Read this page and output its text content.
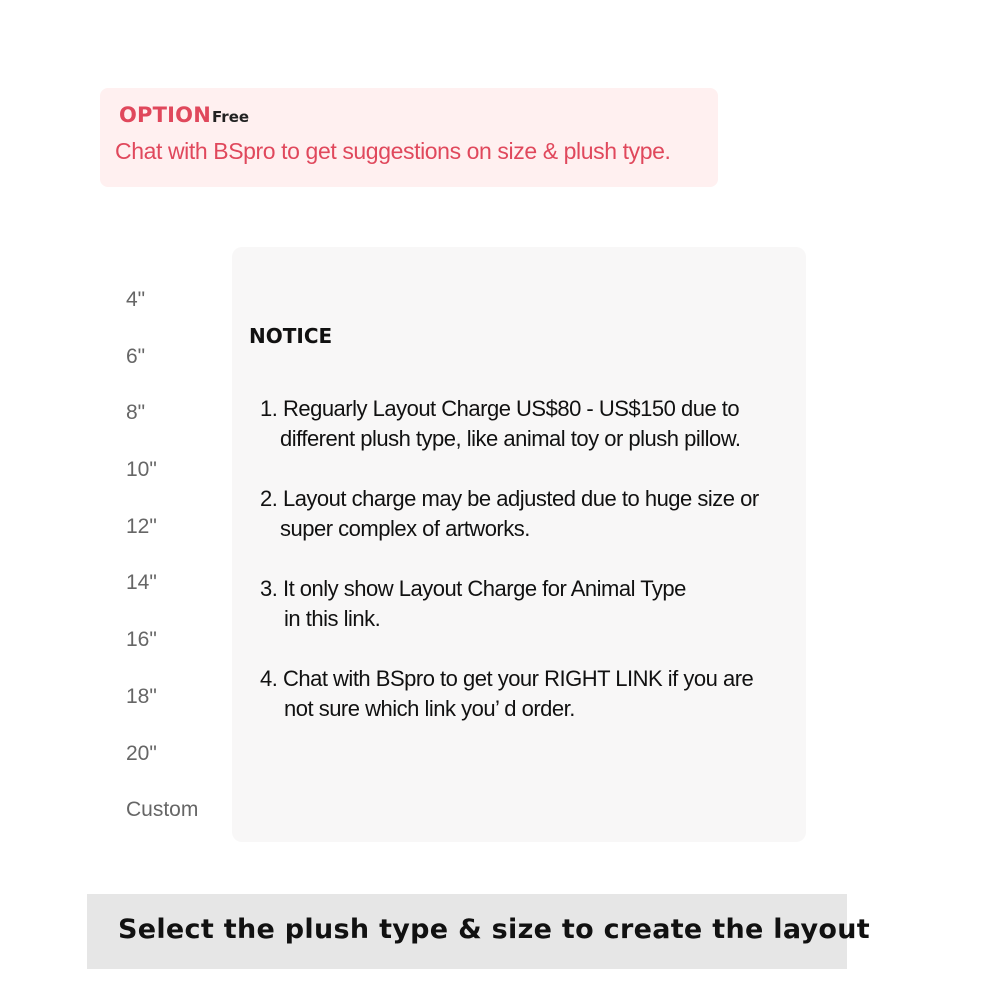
OPTION Free
Chat with BSpro to get suggestions on size & plush type.
4"
6"
8"
10"
12"
14"
16"
18"
20"
Custom
NOTICE
1. Reguarly Layout Charge US$80 - US$150 due to
different plush type, like animal toy or plush pillow.
2. Layout charge may be adjusted due to huge size or
super complex of artworks.
3. It only show Layout Charge for Animal Type
in this link.
4. Chat with BSpro to get your RIGHT LINK if you are
not sure which link you’ d order.
Select the plush type & size to create the layout
